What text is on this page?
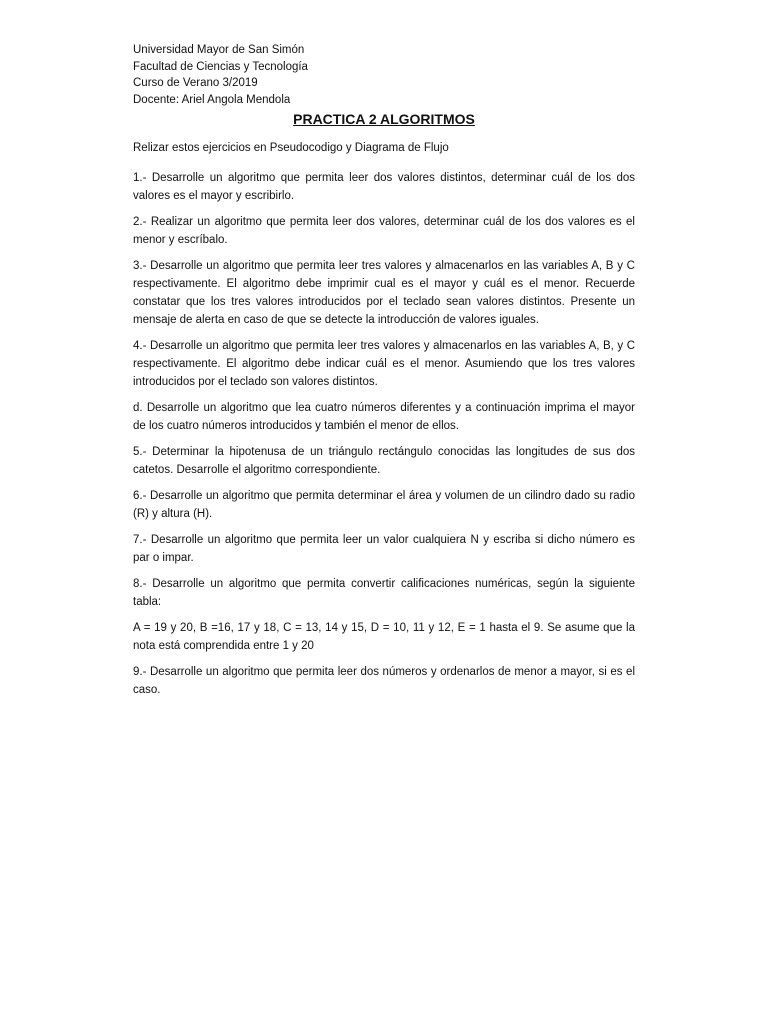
Universidad Mayor de San Simón
Facultad de Ciencias y Tecnología
Curso de Verano 3/2019
Docente: Ariel Angola Mendola
PRACTICA 2 ALGORITMOS

Relizar estos ejercicios en Pseudocodigo y Diagrama de Flujo

1.- Desarrolle un algoritmo que permita leer dos valores distintos, determinar cuál de los dos valores es el mayor y escribirlo.

2.- Realizar un algoritmo que permita leer dos valores, determinar cuál de los dos valores es el menor y escríbalo.

3.- Desarrolle un algoritmo que permita leer tres valores y almacenarlos en las variables A, B y C respectivamente. El algoritmo debe imprimir cual es el mayor y cuál es el menor. Recuerde constatar que los tres valores introducidos por el teclado sean valores distintos. Presente un mensaje de alerta en caso de que se detecte la introducción de valores iguales.

4.- Desarrolle un algoritmo que permita leer tres valores y almacenarlos en las variables A, B, y C respectivamente. El algoritmo debe indicar cuál es el menor. Asumiendo que los tres valores introducidos por el teclado son valores distintos.

d. Desarrolle un algoritmo que lea cuatro números diferentes y a continuación imprima el mayor de los cuatro números introducidos y también el menor de ellos.

5.- Determinar la hipotenusa de un triángulo rectángulo conocidas las longitudes de sus dos catetos. Desarrolle el algoritmo correspondiente.

6.- Desarrolle un algoritmo que permita determinar el área y volumen de un cilindro dado su radio (R) y altura (H).

7.- Desarrolle un algoritmo que permita leer un valor cualquiera N y escriba si dicho número es par o impar.

8.- Desarrolle un algoritmo que permita convertir calificaciones numéricas, según la siguiente tabla:

A = 19 y 20, B =16, 17 y 18, C = 13, 14 y 15, D = 10, 11 y 12, E = 1 hasta el 9. Se asume que la nota está comprendida entre 1 y 20

9.- Desarrolle un algoritmo que permita leer dos números y ordenarlos de menor a mayor, si es el caso.
